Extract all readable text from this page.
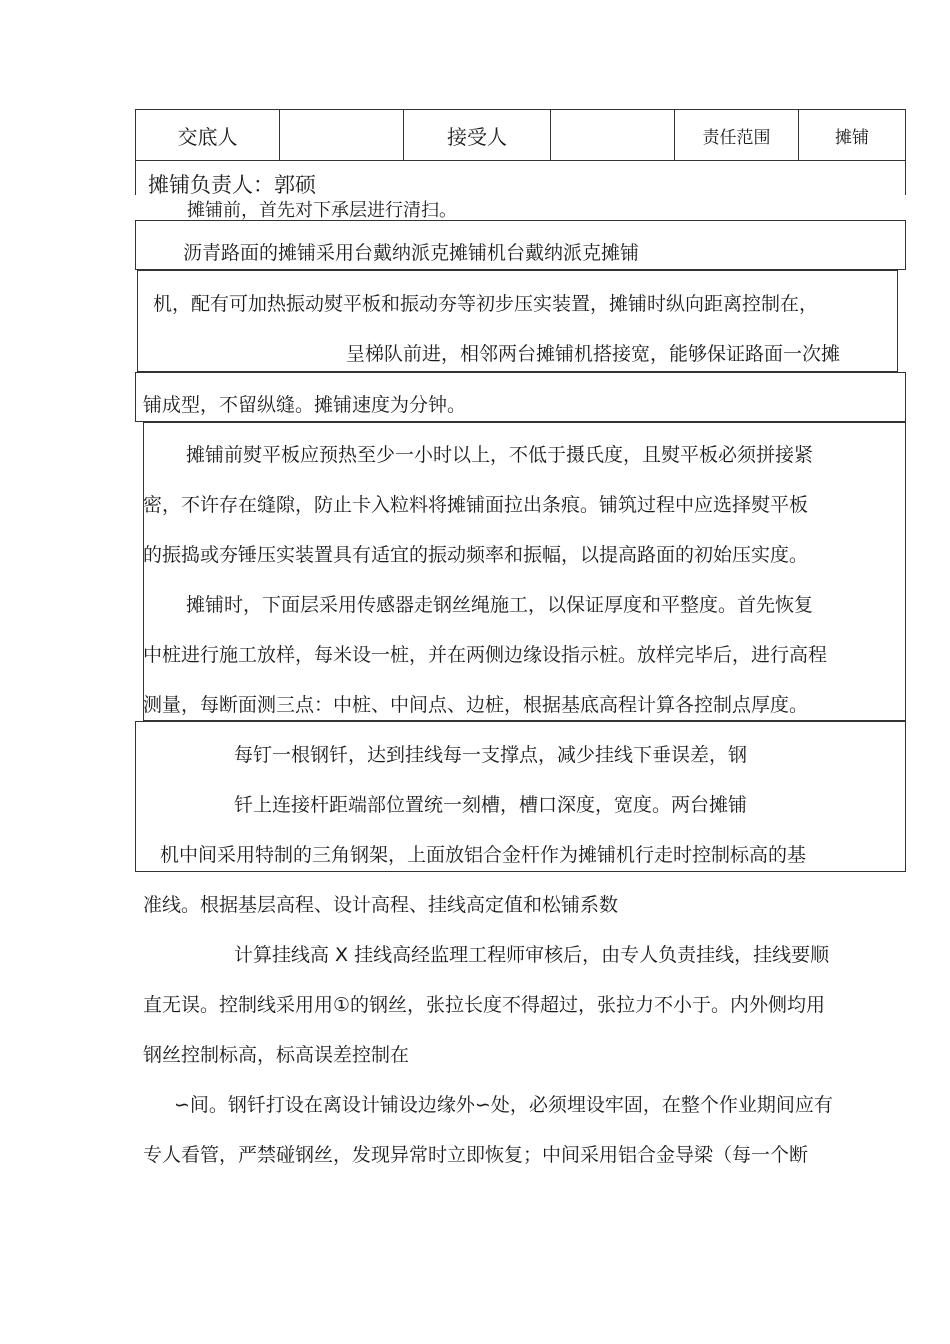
交底人	接受人	责任范围	摊铺
摊铺负责人：郭硕
摊铺前，首先对下承层进行清扫。
沥青路面的摊铺采用台戴纳派克摊铺机台戴纳派克摊铺
机，配有可加热振动熨平板和振动夯等初步压实装置，摊铺时纵向距离控制在，
呈梯队前进，相邻两台摊铺机搭接宽，能够保证路面一次摊
铺成型，不留纵缝。摊铺速度为分钟。
摊铺前熨平板应预热至少一小时以上，不低于摄氏度，且熨平板必须拼接紧
密，不许存在缝隙，防止卡入粒料将摊铺面拉出条痕。铺筑过程中应选择熨平板
的振捣或夯锤压实装置具有适宜的振动频率和振幅，以提高路面的初始压实度。
摊铺时，下面层采用传感器走钢丝绳施工，以保证厚度和平整度。首先恢复
中桩进行施工放样，每米设一桩，并在两侧边缘设指示桩。放样完毕后，进行高程
测量，每断面测三点：中桩、中间点、边桩，根据基底高程计算各控制点厚度。
每钉一根钢钎，达到挂线每一支撑点，减少挂线下垂误差，钢
钎上连接杆距端部位置统一刻槽，槽口深度，宽度。两台摊铺
机中间采用特制的三角钢架，上面放铝合金杆作为摊铺机行走时控制标高的基
准线。根据基层高程、设计高程、挂线高定值和松铺系数
计算挂线高 X 挂线高经监理工程师审核后，由专人负责挂线，挂线要顺
直无误。控制线采用用①的钢丝，张拉长度不得超过，张拉力不小于。内外侧均用
钢丝控制标高，标高误差控制在
∽间。钢钎打设在离设计铺设边缘外∽处，必须埋设牢固，在整个作业期间应有
专人看管，严禁碰钢丝，发现异常时立即恢复；中间采用铝合金导梁（每一个断
